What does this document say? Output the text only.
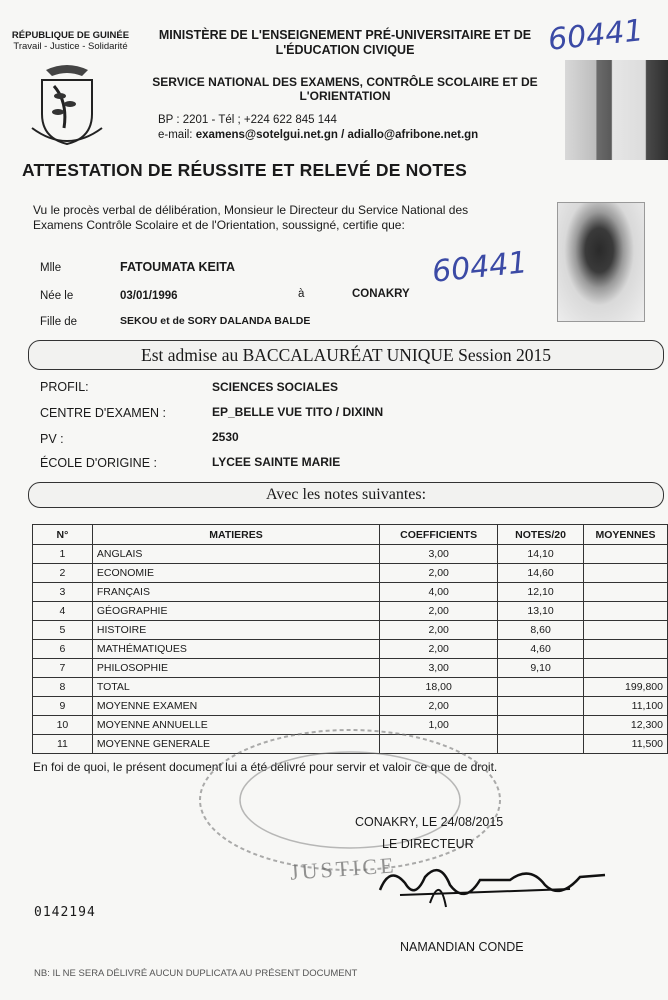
RÉPUBLIQUE DE GUINÉE
Travail - Justice - Solidarité
MINISTÈRE DE L'ENSEIGNEMENT PRÉ-UNIVERSITAIRE ET DE L'ÉDUCATION CIVIQUE
SERVICE NATIONAL DES EXAMENS, CONTRÔLE SCOLAIRE ET DE L'ORIENTATION
BP : 2201 - Tél ; +224 622 845 144
e-mail: examens@sotelgui.net.gn / adiallo@afribone.net.gn
60441
ATTESTATION DE RÉUSSITE ET RELEVÉ DE NOTES
Vu le procès verbal de délibération, Monsieur le Directeur du Service National des Examens Contrôle Scolaire et de l'Orientation, soussigné, certifie que:
60441
Mlle	FATOUMATA KEITA
Née le	03/01/1996	à	CONAKRY
Fille de	SEKOU et de SORY DALANDA BALDE
Est admise au BACCALAURÉAT UNIQUE Session 2015
PROFIL:	SCIENCES SOCIALES
CENTRE D'EXAMEN :	EP_BELLE VUE TITO / DIXINN
PV :	2530
ÉCOLE D'ORIGINE :	LYCEE SAINTE MARIE
Avec les notes suivantes:
N°	MATIERES	COEFFICIENTS	NOTES/20	MOYENNES
1	ANGLAIS	3,00	14,10	
2	ECONOMIE	2,00	14,60	
3	FRANÇAIS	4,00	12,10	
4	GÉOGRAPHIE	2,00	13,10	
5	HISTOIRE	2,00	8,60	
6	MATHÉMATIQUES	2,00	4,60	
7	PHILOSOPHIE	3,00	9,10	
8	TOTAL	18,00		199,800
9	MOYENNE EXAMEN	2,00		11,100
10	MOYENNE ANNUELLE	1,00		12,300
11	MOYENNE GENERALE			11,500
En foi de quoi, le présent document lui a été délivré pour servir et valoir ce que de droit.
JUSTICE
CONAKRY, LE 24/08/2015
LE DIRECTEUR
0142194
NAMANDIAN CONDE
NB: IL NE SERA DÉLIVRÉ AUCUN DUPLICATA AU PRÉSENT DOCUMENT
